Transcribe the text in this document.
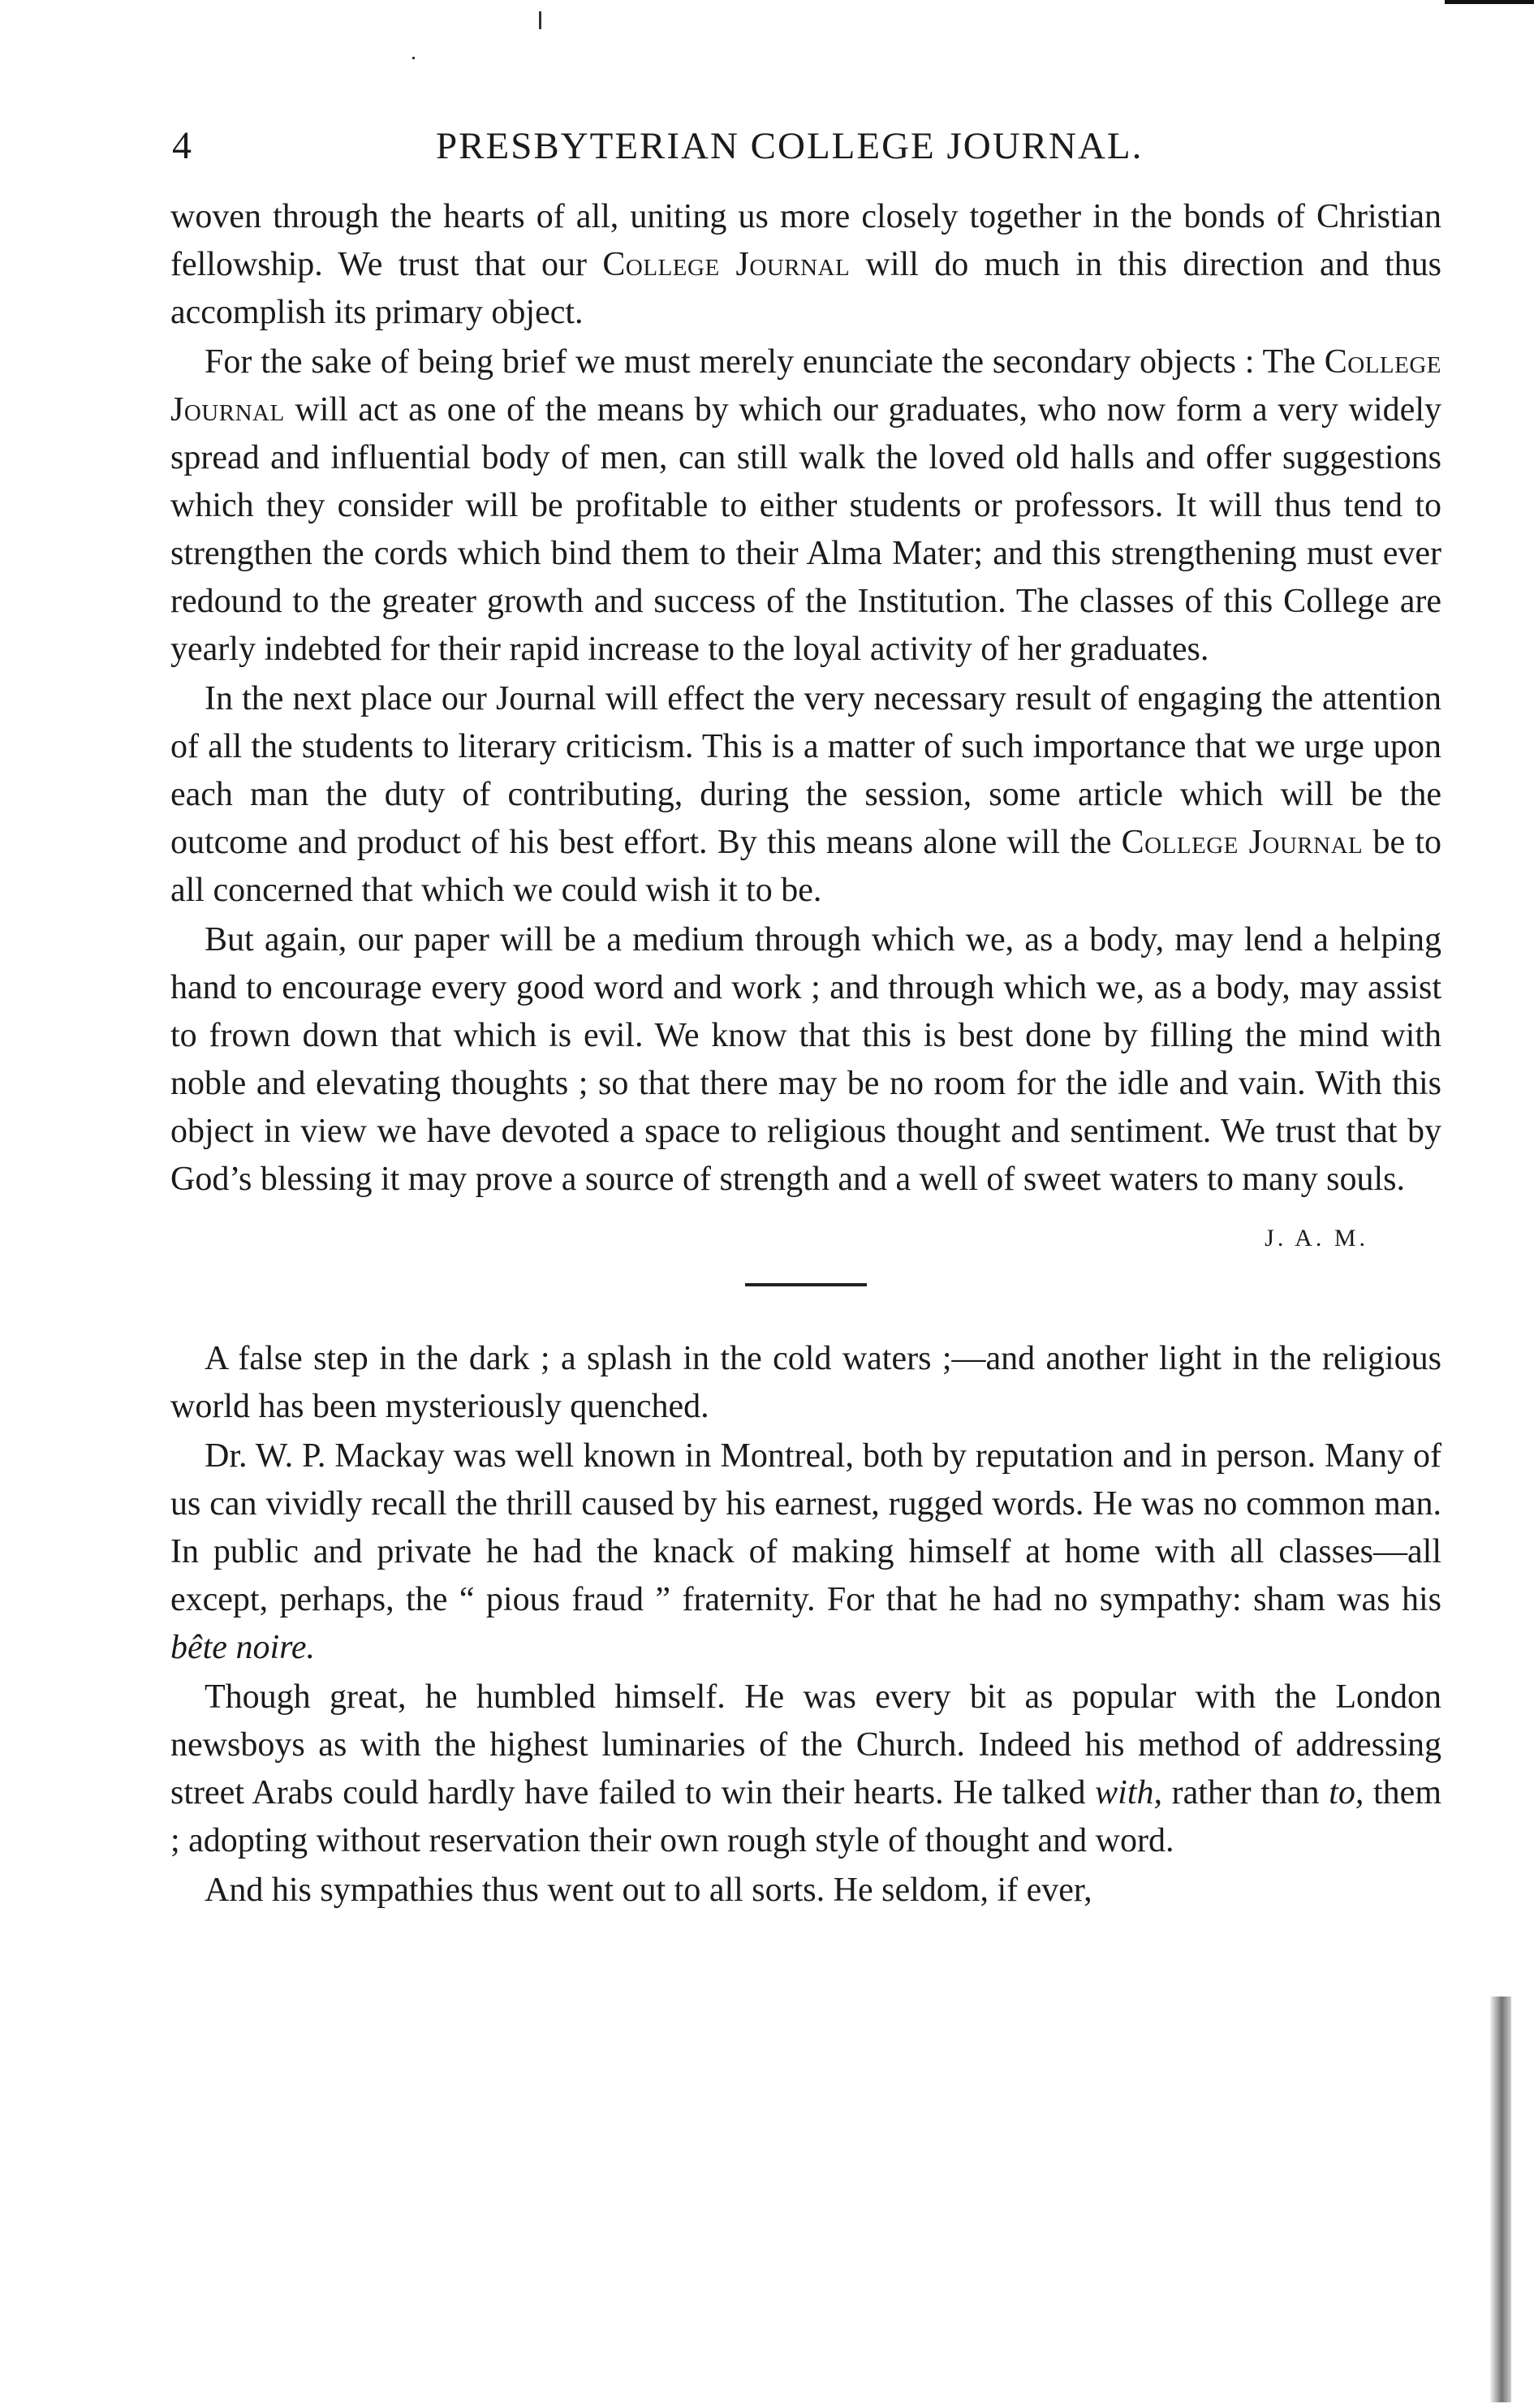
4	PRESBYTERIAN COLLEGE JOURNAL.

woven through the hearts of all, uniting us more closely together in the bonds of Christian fellowship. We trust that our College Journal will do much in this direction and thus accomplish its primary object.

For the sake of being brief we must merely enunciate the secondary objects : The College Journal will act as one of the means by which our graduates, who now form a very widely spread and influential body of men, can still walk the loved old halls and offer suggestions which they consider will be profitable to either students or professors. It will thus tend to strengthen the cords which bind them to their Alma Mater; and this strengthening must ever redound to the greater growth and success of the Institution. The classes of this College are yearly indebted for their rapid increase to the loyal activity of her graduates.

In the next place our Journal will effect the very necessary result of engaging the attention of all the students to literary criticism. This is a matter of such importance that we urge upon each man the duty of contributing, during the session, some article which will be the outcome and product of his best effort. By this means alone will the College Journal be to all concerned that which we could wish it to be.

But again, our paper will be a medium through which we, as a body, may lend a helping hand to encourage every good word and work ; and through which we, as a body, may assist to frown down that which is evil. We know that this is best done by filling the mind with noble and elevating thoughts ; so that there may be no room for the idle and vain. With this object in view we have devoted a space to religious thought and sentiment. We trust that by God’s blessing it may prove a source of strength and a well of sweet waters to many souls.

J. A. M.

A false step in the dark ; a splash in the cold waters ;—and another light in the religious world has been mysteriously quenched.

Dr. W. P. Mackay was well known in Montreal, both by reputation and in person. Many of us can vividly recall the thrill caused by his earnest, rugged words. He was no common man. In public and private he had the knack of making himself at home with all classes—all except, perhaps, the “ pious fraud ” fraternity. For that he had no sympathy: sham was his bête noire.

Though great, he humbled himself. He was every bit as popular with the London newsboys as with the highest luminaries of the Church. Indeed his method of addressing street Arabs could hardly have failed to win their hearts. He talked with, rather than to, them ; adopting without reservation their own rough style of thought and word.

And his sympathies thus went out to all sorts. He seldom, if ever,
